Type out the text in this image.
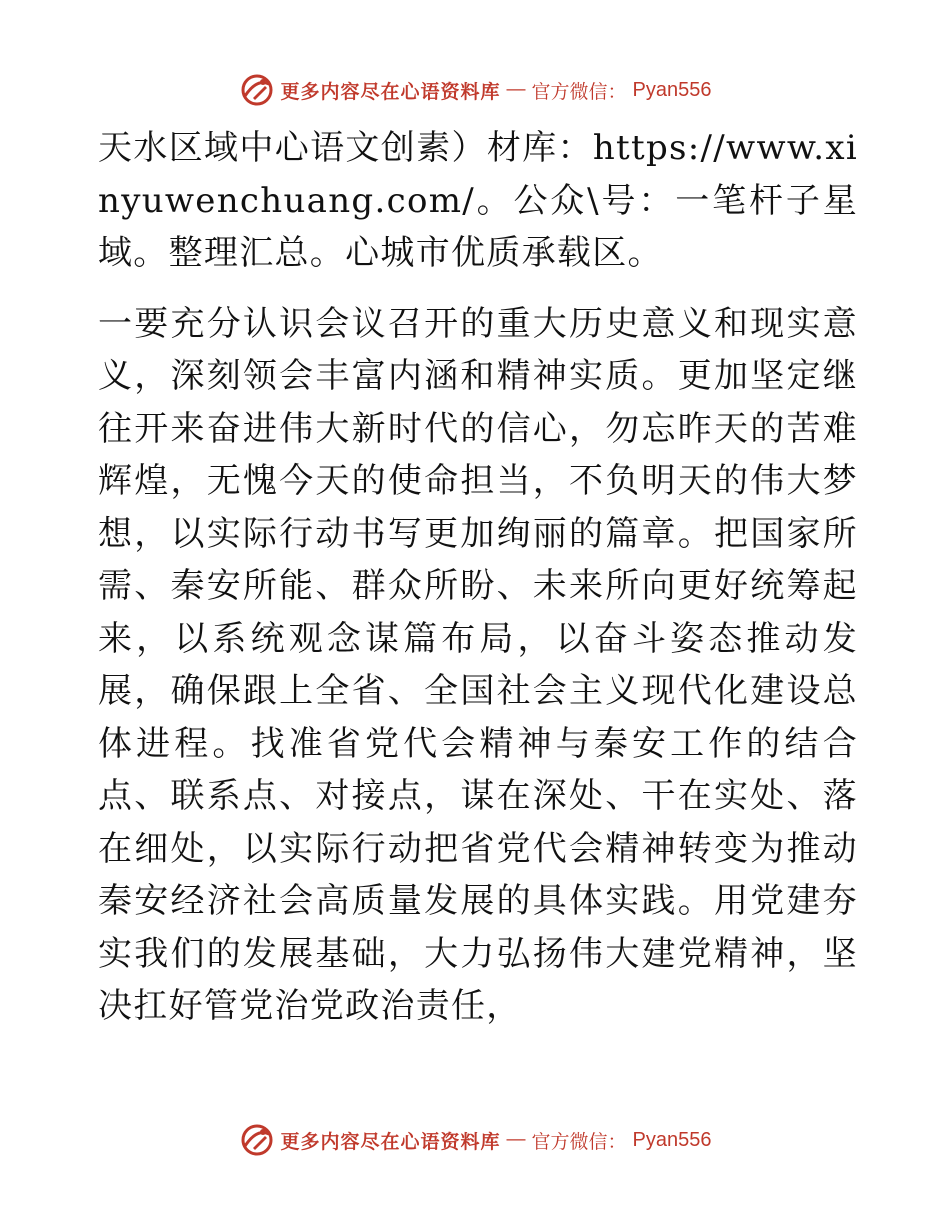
更多内容尽在心语资料库 — 官方微信： Pyan556

天水区域中心语文创素）材库：https://www.xinyuwenchuang.com/。公众\号：一笔杆子星域。整理汇总。心城市优质承载区。

一要充分认识会议召开的重大历史意义和现实意义，深刻领会丰富内涵和精神实质。更加坚定继往开来奋进伟大新时代的信心，勿忘昨天的苦难辉煌，无愧今天的使命担当，不负明天的伟大梦想，以实际行动书写更加绚丽的篇章。把国家所需、秦安所能、群众所盼、未来所向更好统筹起来，以系统观念谋篇布局，以奋斗姿态推动发展，确保跟上全省、全国社会主义现代化建设总体进程。找准省党代会精神与秦安工作的结合点、联系点、对接点，谋在深处、干在实处、落在细处，以实际行动把省党代会精神转变为推动秦安经济社会高质量发展的具体实践。用党建夯实我们的发展基础，大力弘扬伟大建党精神，坚决扛好管党治党政治责任，

更多内容尽在心语资料库 — 官方微信： Pyan556
